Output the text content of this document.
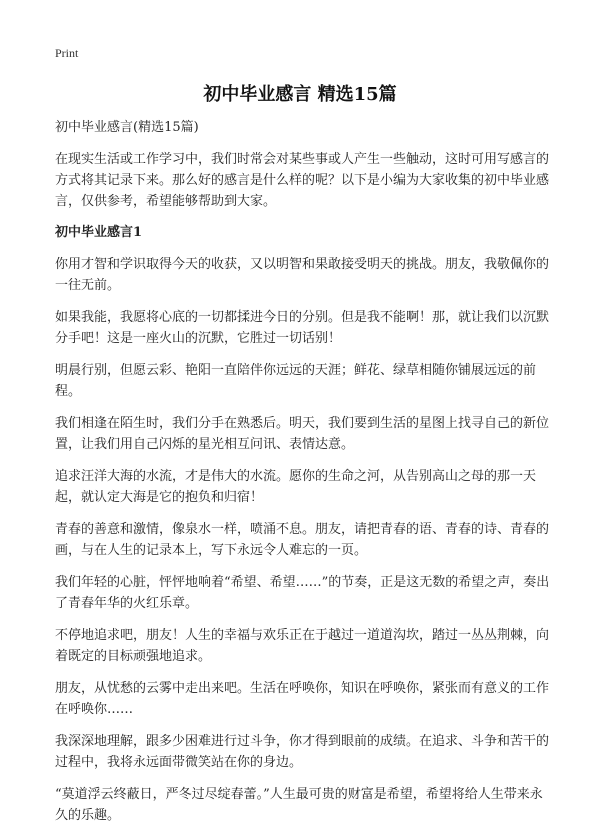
Print
初中毕业感言 精选15篇

初中毕业感言(精选15篇)

在现实生活或工作学习中，我们时常会对某些事或人产生一些触动，这时可用写感言的方式将其记录下来。那么好的感言是什么样的呢？以下是小编为大家收集的初中毕业感言，仅供参考，希望能够帮助到大家。

初中毕业感言1

你用才智和学识取得今天的收获，又以明智和果敢接受明天的挑战。朋友，我敬佩你的一往无前。

如果我能，我愿将心底的一切都揉进今日的分别。但是我不能啊！那，就让我们以沉默分手吧！这是一座火山的沉默，它胜过一切话别！

明晨行别，但愿云彩、艳阳一直陪伴你远远的天涯；鲜花、绿草相随你铺展远远的前程。

我们相逢在陌生时，我们分手在熟悉后。明天，我们要到生活的星图上找寻自己的新位置，让我们用自己闪烁的星光相互问讯、表情达意。

追求汪洋大海的水流，才是伟大的水流。愿你的生命之河，从告别高山之母的那一天起，就认定大海是它的抱负和归宿！

青春的善意和激情，像泉水一样，喷涌不息。朋友，请把青春的语、青春的诗、青春的画，与在人生的记录本上，写下永远令人难忘的一页。

我们年轻的心脏，怦怦地响着“希望、希望……”的节奏，正是这无数的希望之声，奏出了青春年华的火红乐章。

不停地追求吧，朋友！人生的幸福与欢乐正在于越过一道道沟坎，踏过一丛丛荆棘，向着既定的目标顽强地追求。

朋友，从忧愁的云雾中走出来吧。生活在呼唤你，知识在呼唤你，紧张而有意义的工作在呼唤你……

我深深地理解，跟多少困难进行过斗争，你才得到眼前的成绩。在追求、斗争和苦干的过程中，我将永远面带微笑站在你的身边。

“莫道浮云终蔽日，严冬过尽绽春蕾。”人生最可贵的财富是希望，希望将给人生带来永久的乐趣。
